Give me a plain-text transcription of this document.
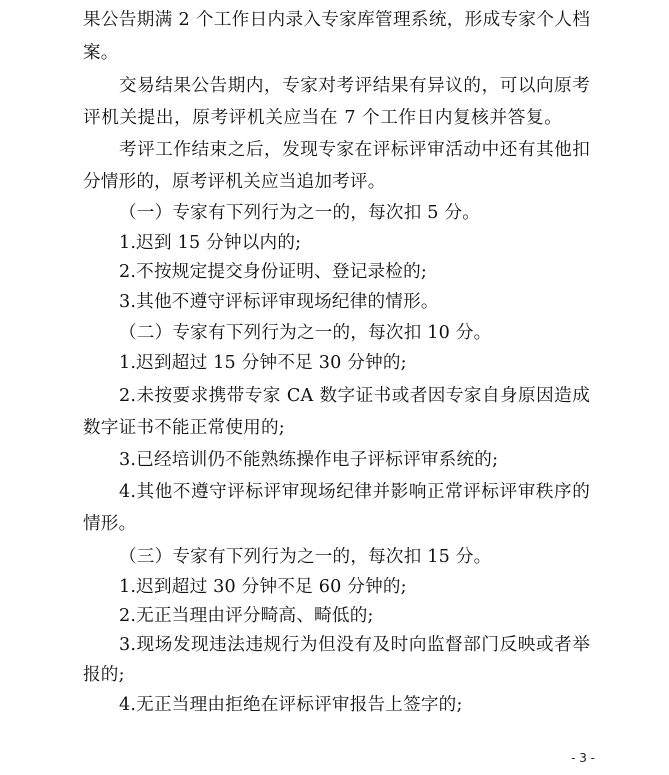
果公告期满 2 个工作日内录入专家库管理系统，形成专家个人档
案。
交易结果公告期内，专家对考评结果有异议的，可以向原考
评机关提出，原考评机关应当在 7 个工作日内复核并答复。
考评工作结束之后，发现专家在评标评审活动中还有其他扣
分情形的，原考评机关应当追加考评。
（一）专家有下列行为之一的，每次扣 5 分。
1.迟到 15 分钟以内的;
2.不按规定提交身份证明、登记录检的;
3.其他不遵守评标评审现场纪律的情形。
（二）专家有下列行为之一的，每次扣 10 分。
1.迟到超过 15 分钟不足 30 分钟的;
2.未按要求携带专家 CA 数字证书或者因专家自身原因造成
数字证书不能正常使用的;
3.已经培训仍不能熟练操作电子评标评审系统的;
4.其他不遵守评标评审现场纪律并影响正常评标评审秩序的
情形。
（三）专家有下列行为之一的，每次扣 15 分。
1.迟到超过 30 分钟不足 60 分钟的;
2.无正当理由评分畸高、畸低的;
3.现场发现违法违规行为但没有及时向监督部门反映或者举
报的;
4.无正当理由拒绝在评标评审报告上签字的;
- 3 -
